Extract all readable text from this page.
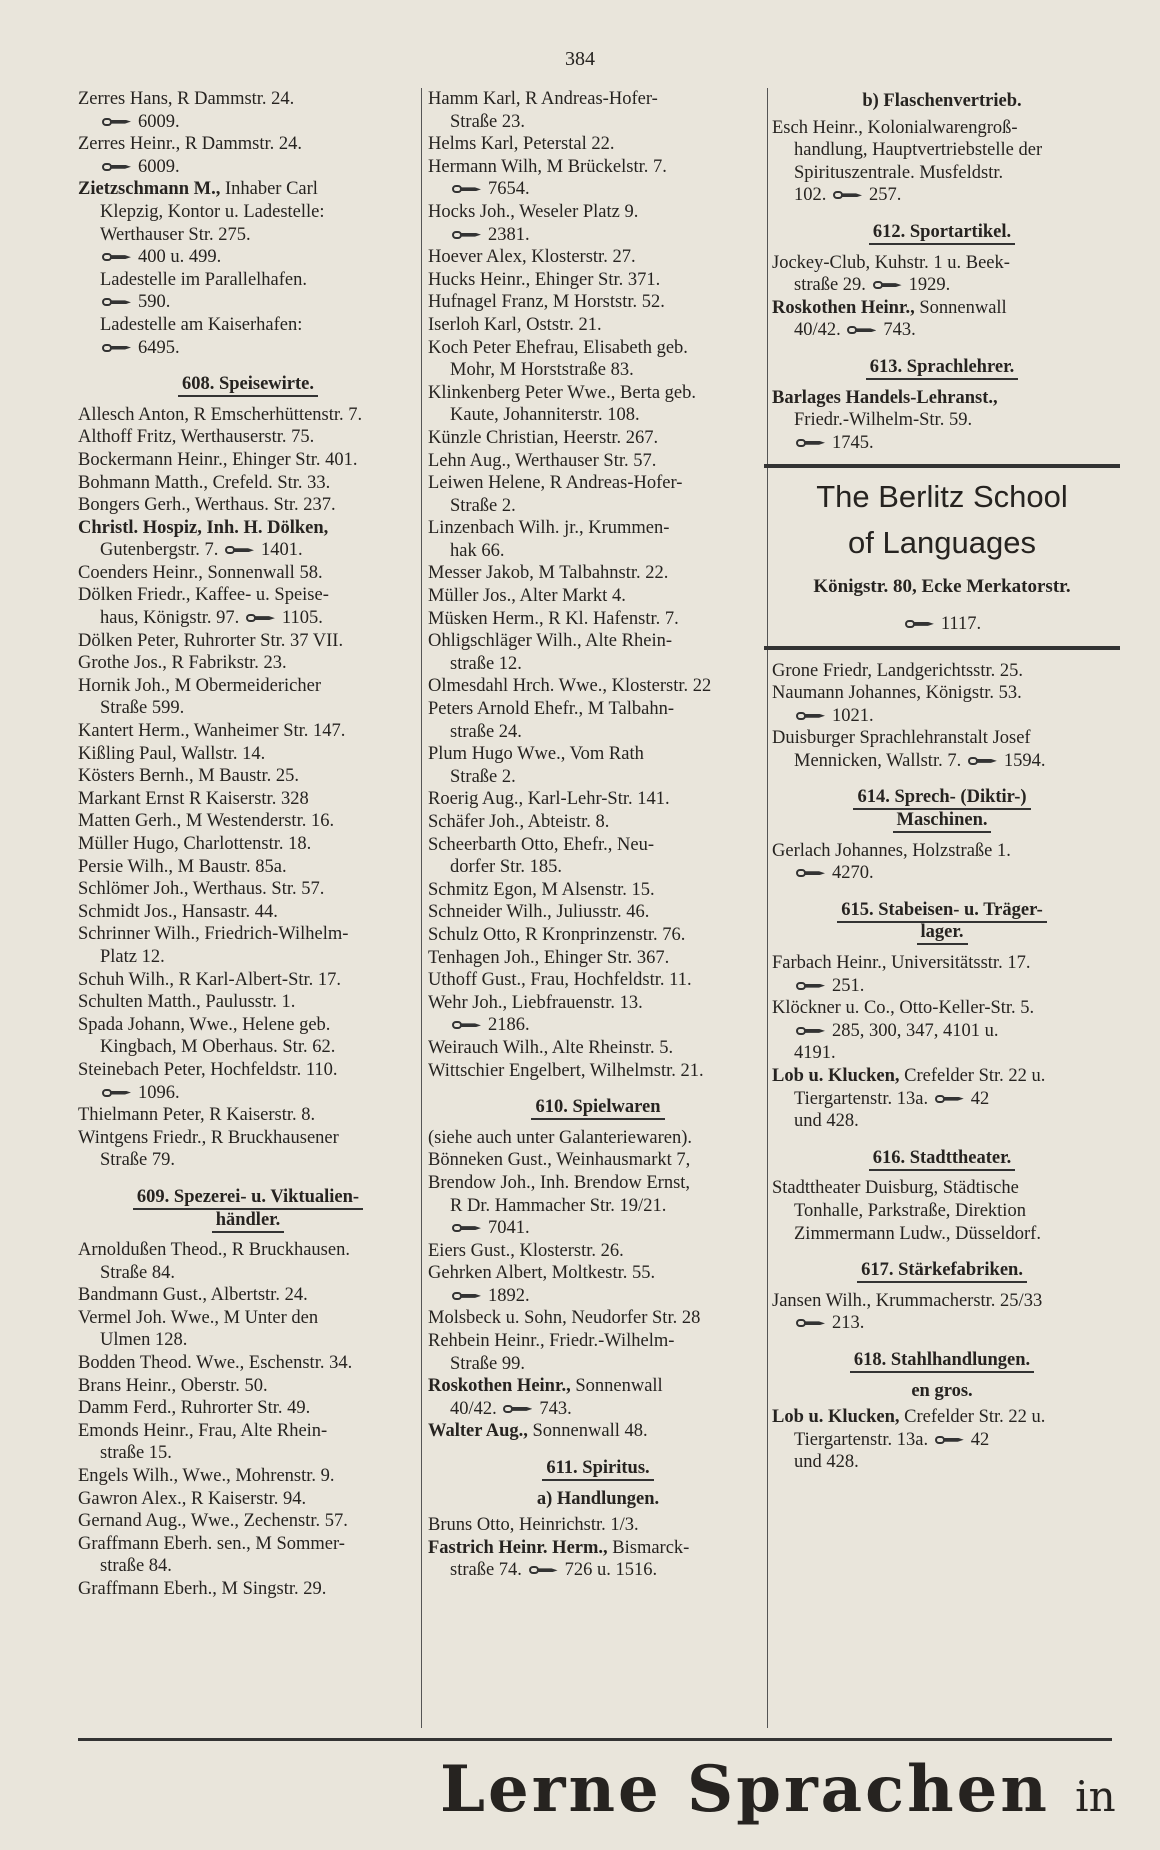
384
Zerres Hans, R Dammstr. 24.
6009.
Zerres Heinr., R Dammstr. 24.
6009.
Zietzschmann M., Inhaber Carl
Klepzig, Kontor u. Ladestelle:
Werthauser Str. 275.
400 u. 499.
Ladestelle im Parallelhafen.
590.
Ladestelle am Kaiserhafen:
6495.
608. Speisewirte.
Allesch Anton, R Emscherhüttenstr. 7.
Althoff Fritz, Werthauserstr. 75.
Bockermann Heinr., Ehinger Str. 401.
Bohmann Matth., Crefeld. Str. 33.
Bongers Gerh., Werthaus. Str. 237.
Christl. Hospiz, Inh. H. Dölken,
Gutenbergstr. 7. 1401.
Coenders Heinr., Sonnenwall 58.
Dölken Friedr., Kaffee- u. Speise-
haus, Königstr. 97. 1105.
Dölken Peter, Ruhrorter Str. 37 VII.
Grothe Jos., R Fabrikstr. 23.
Hornik Joh., M Obermeidericher
Straße 599.
Kantert Herm., Wanheimer Str. 147.
Kißling Paul, Wallstr. 14.
Kösters Bernh., M Baustr. 25.
Markant Ernst R Kaiserstr. 328
Matten Gerh., M Westenderstr. 16.
Müller Hugo, Charlottenstr. 18.
Persie Wilh., M Baustr. 85a.
Schlömer Joh., Werthaus. Str. 57.
Schmidt Jos., Hansastr. 44.
Schrinner Wilh., Friedrich-Wilhelm-
Platz 12.
Schuh Wilh., R Karl-Albert-Str. 17.
Schulten Matth., Paulusstr. 1.
Spada Johann, Wwe., Helene geb.
Kingbach, M Oberhaus. Str. 62.
Steinebach Peter, Hochfeldstr. 110.
1096.
Thielmann Peter, R Kaiserstr. 8.
Wintgens Friedr., R Bruckhausener
Straße 79.
609. Spezerei- u. Viktualien-
händler.
Arnoldußen Theod., R Bruckhausen.
Straße 84.
Bandmann Gust., Albertstr. 24.
Vermel Joh. Wwe., M Unter den
Ulmen 128.
Bodden Theod. Wwe., Eschenstr. 34.
Brans Heinr., Oberstr. 50.
Damm Ferd., Ruhrorter Str. 49.
Emonds Heinr., Frau, Alte Rhein-
straße 15.
Engels Wilh., Wwe., Mohrenstr. 9.
Gawron Alex., R Kaiserstr. 94.
Gernand Aug., Wwe., Zechenstr. 57.
Graffmann Eberh. sen., M Sommer-
straße 84.
Graffmann Eberh., M Singstr. 29.
Hamm Karl, R Andreas-Hofer-
Straße 23.
Helms Karl, Peterstal 22.
Hermann Wilh, M Brückelstr. 7.
7654.
Hocks Joh., Weseler Platz 9.
2381.
Hoever Alex, Klosterstr. 27.
Hucks Heinr., Ehinger Str. 371.
Hufnagel Franz, M Horststr. 52.
Iserloh Karl, Oststr. 21.
Koch Peter Ehefrau, Elisabeth geb.
Mohr, M Horststraße 83.
Klinkenberg Peter Wwe., Berta geb.
Kaute, Johanniterstr. 108.
Künzle Christian, Heerstr. 267.
Lehn Aug., Werthauser Str. 57.
Leiwen Helene, R Andreas-Hofer-
Straße 2.
Linzenbach Wilh. jr., Krummen-
hak 66.
Messer Jakob, M Talbahnstr. 22.
Müller Jos., Alter Markt 4.
Müsken Herm., R Kl. Hafenstr. 7.
Ohligschläger Wilh., Alte Rhein-
straße 12.
Olmesdahl Hrch. Wwe., Klosterstr. 22
Peters Arnold Ehefr., M Talbahn-
straße 24.
Plum Hugo Wwe., Vom Rath
Straße 2.
Roerig Aug., Karl-Lehr-Str. 141.
Schäfer Joh., Abteistr. 8.
Scheerbarth Otto, Ehefr., Neu-
dorfer Str. 185.
Schmitz Egon, M Alsenstr. 15.
Schneider Wilh., Juliusstr. 46.
Schulz Otto, R Kronprinzenstr. 76.
Tenhagen Joh., Ehinger Str. 367.
Uthoff Gust., Frau, Hochfeldstr. 11.
Wehr Joh., Liebfrauenstr. 13.
2186.
Weirauch Wilh., Alte Rheinstr. 5.
Wittschier Engelbert, Wilhelmstr. 21.
610. Spielwaren
(siehe auch unter Galanteriewaren).
Bönneken Gust., Weinhausmarkt 7,
Brendow Joh., Inh. Brendow Ernst,
R Dr. Hammacher Str. 19/21.
7041.
Eiers Gust., Klosterstr. 26.
Gehrken Albert, Moltkestr. 55.
1892.
Molsbeck u. Sohn, Neudorfer Str. 28
Rehbein Heinr., Friedr.-Wilhelm-
Straße 99.
Roskothen Heinr., Sonnenwall
40/42. 743.
Walter Aug., Sonnenwall 48.
611. Spiritus.
a) Handlungen.
Bruns Otto, Heinrichstr. 1/3.
Fastrich Heinr. Herm., Bismarck-
straße 74. 726 u. 1516.
b) Flaschenvertrieb.
Esch Heinr., Kolonialwarengroß-
handlung, Hauptvertriebstelle der
Spirituszentrale. Musfeldstr.
102. 257.
612. Sportartikel.
Jockey-Club, Kuhstr. 1 u. Beek-
straße 29. 1929.
Roskothen Heinr., Sonnenwall
40/42. 743.
613. Sprachlehrer.
Barlages Handels-Lehranst.,
Friedr.-Wilhelm-Str. 59.
1745.
The Berlitz School
of Languages
Königstr. 80, Ecke Merkatorstr.
1117.
Grone Friedr, Landgerichtsstr. 25.
Naumann Johannes, Königstr. 53.
1021.
Duisburger Sprachlehranstalt Josef
Mennicken, Wallstr. 7. 1594.
614. Sprech- (Diktir-)
Maschinen.
Gerlach Johannes, Holzstraße 1.
4270.
615. Stabeisen- u. Träger-
lager.
Farbach Heinr., Universitätsstr. 17.
251.
Klöckner u. Co., Otto-Keller-Str. 5.
285, 300, 347, 4101 u.
4191.
Lob u. Klucken, Crefelder Str. 22 u.
Tiergartenstr. 13a. 42
und 428.
616. Stadttheater.
Stadttheater Duisburg, Städtische
Tonhalle, Parkstraße, Direktion
Zimmermann Ludw., Düsseldorf.
617. Stärkefabriken.
Jansen Wilh., Krummacherstr. 25/33
213.
618. Stahlhandlungen.
en gros.
Lob u. Klucken, Crefelder Str. 22 u.
Tiergartenstr. 13a. 42
und 428.
Lerne Sprachen in
